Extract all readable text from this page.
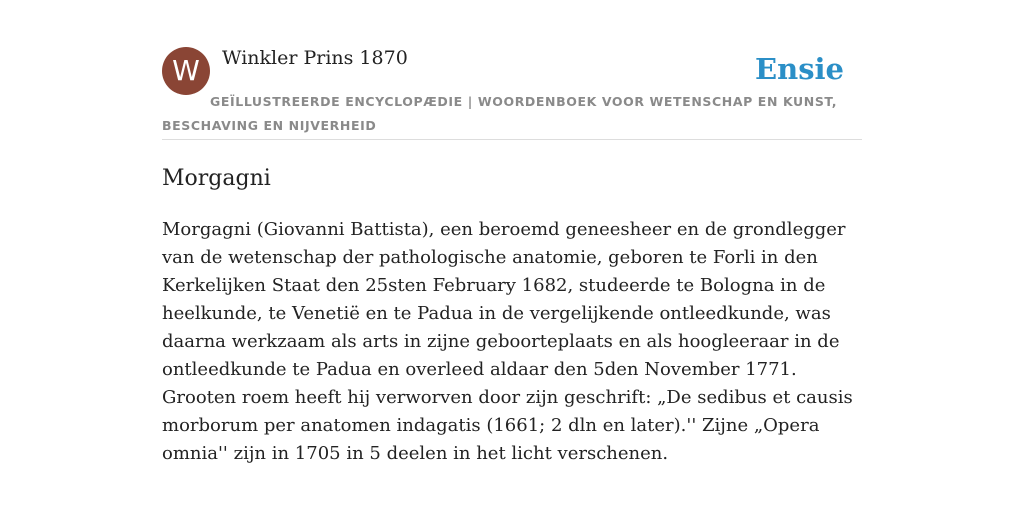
W Winkler Prins 1870	Ensie
GEÏLLUSTREERDE ENCYCLOPÆDIE | WOORDENBOEK VOOR WETENSCHAP EN KUNST, BESCHAVING EN NIJVERHEID
Morgagni

Morgagni (Giovanni Battista), een beroemd geneesheer en de grondlegger van de wetenschap der pathologische anatomie, geboren te Forli in den Kerkelijken Staat den 25sten February 1682, studeerde te Bologna in de heelkunde, te Venetië en te Padua in de vergelijkende ontleedkunde, was daarna werkzaam als arts in zijne geboorteplaats en als hoogleeraar in de ontleedkunde te Padua en overleed aldaar den 5den November 1771. Grooten roem heeft hij verworven door zijn geschrift: „De sedibus et causis morborum per anatomen indagatis (1661; 2 dln en later).'' Zijne „Opera omnia'' zijn in 1705 in 5 deelen in het licht verschenen.
